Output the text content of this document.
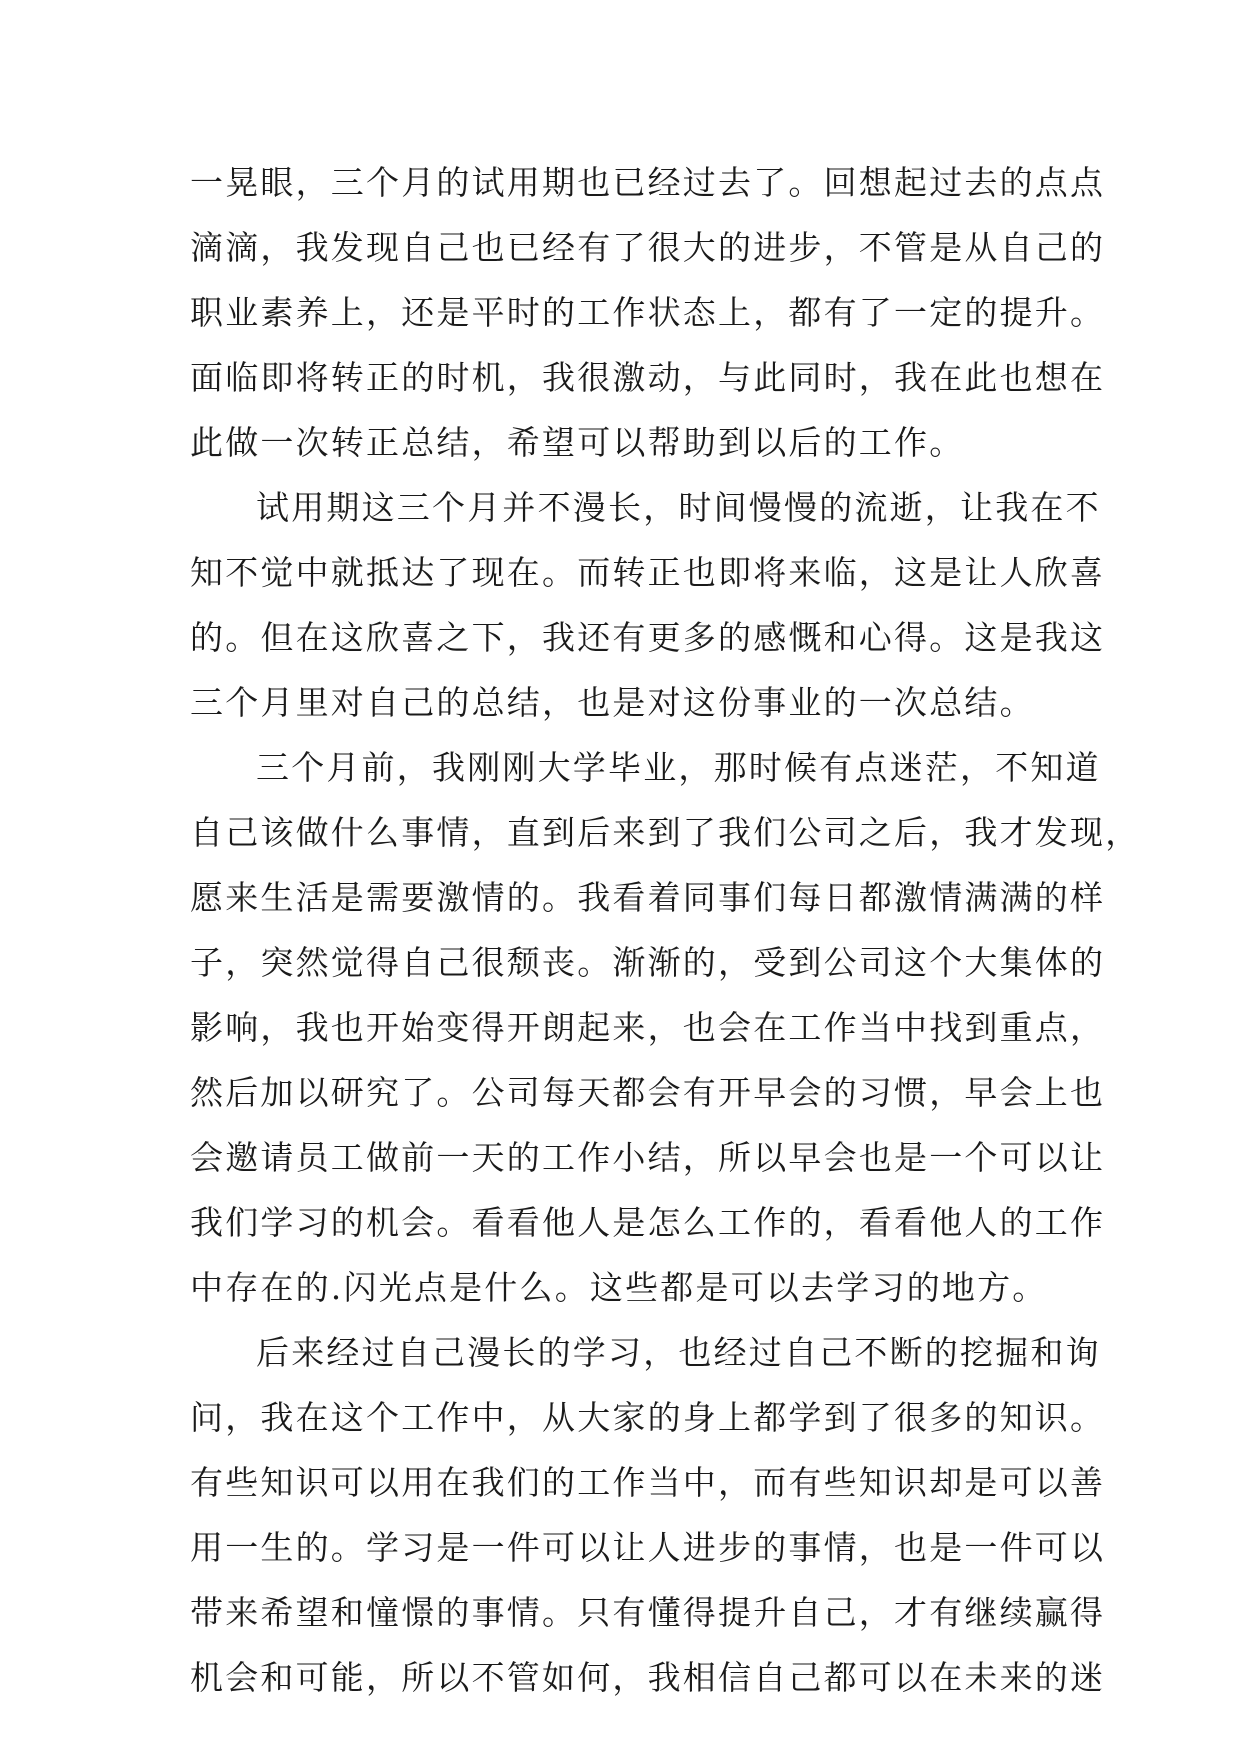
一晃眼，三个月的试用期也已经过去了。回想起过去的点点
滴滴，我发现自己也已经有了很大的进步，不管是从自己的
职业素养上，还是平时的工作状态上，都有了一定的提升。
面临即将转正的时机，我很激动，与此同时，我在此也想在
此做一次转正总结，希望可以帮助到以后的工作。
试用期这三个月并不漫长，时间慢慢的流逝，让我在不
知不觉中就抵达了现在。而转正也即将来临，这是让人欣喜
的。但在这欣喜之下，我还有更多的感慨和心得。这是我这
三个月里对自己的总结，也是对这份事业的一次总结。
三个月前，我刚刚大学毕业，那时候有点迷茫，不知道
自己该做什么事情，直到后来到了我们公司之后，我才发现，
愿来生活是需要激情的。我看着同事们每日都激情满满的样
子，突然觉得自己很颓丧。渐渐的，受到公司这个大集体的
影响，我也开始变得开朗起来，也会在工作当中找到重点，
然后加以研究了。公司每天都会有开早会的习惯，早会上也
会邀请员工做前一天的工作小结，所以早会也是一个可以让
我们学习的机会。看看他人是怎么工作的，看看他人的工作
中存在的.闪光点是什么。这些都是可以去学习的地方。
后来经过自己漫长的学习，也经过自己不断的挖掘和询
问，我在这个工作中，从大家的身上都学到了很多的知识。
有些知识可以用在我们的工作当中，而有些知识却是可以善
用一生的。学习是一件可以让人进步的事情，也是一件可以
带来希望和憧憬的事情。只有懂得提升自己，才有继续赢得
机会和可能，所以不管如何，我相信自己都可以在未来的迷
